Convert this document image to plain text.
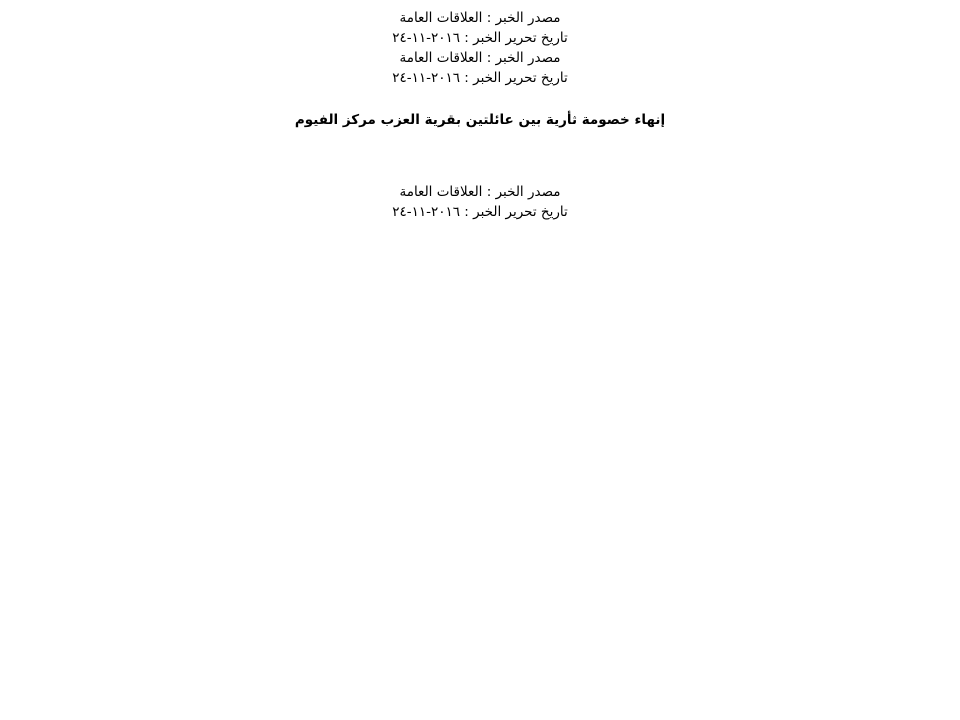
مصدر الخبر : العلاقات العامة

تاريخ تحرير الخبر : ٢٠١٦-١١-٢٤

مصدر الخبر : العلاقات العامة

تاريخ تحرير الخبر : ٢٠١٦-١١-٢٤

إنهاء خصومة ثأرية بين عائلتين بقرية العزب مركز الفيوم

مصدر الخبر : العلاقات العامة

تاريخ تحرير الخبر : ٢٠١٦-١١-٢٤
